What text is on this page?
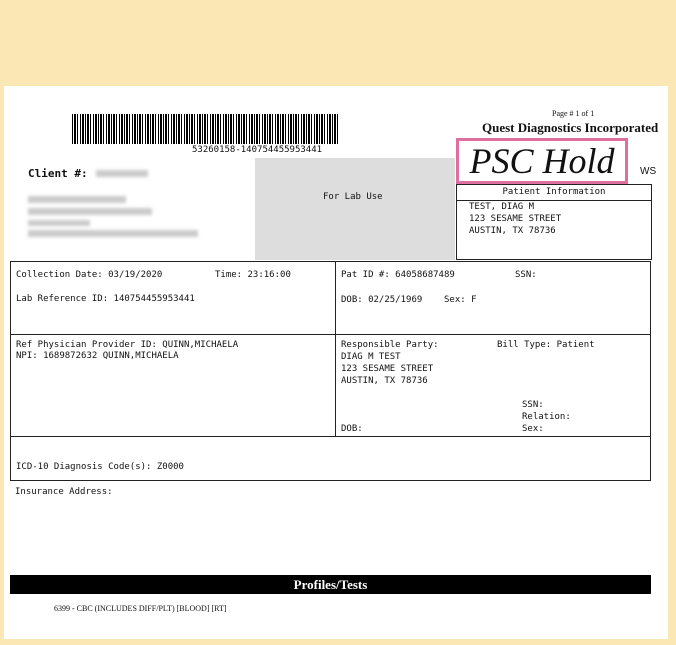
53260158-140754455953441
Page # 1 of 1
Quest Diagnostics Incorporated
PSC Hold	WS
Client #:
For Lab Use	Patient Information
TEST, DIAG M
123 SESAME STREET
AUSTIN, TX 78736
Collection Date: 03/19/2020	Time: 23:16:00
Lab Reference ID: 140754455953441
Pat ID #: 64058687489	SSN:
DOB: 02/25/1969 Sex: F
Ref Physician Provider ID: QUINN,MICHAELA
NPI: 1689872632 QUINN,MICHAELA
Responsible Party:	Bill Type: Patient
DIAG M TEST
123 SESAME STREET
AUSTIN, TX 78736
SSN:
Relation:
DOB:	Sex:
ICD-10 Diagnosis Code(s): Z0000
Insurance Address:
Profiles/Tests
6399 - CBC (INCLUDES DIFF/PLT) [BLOOD] [RT]
